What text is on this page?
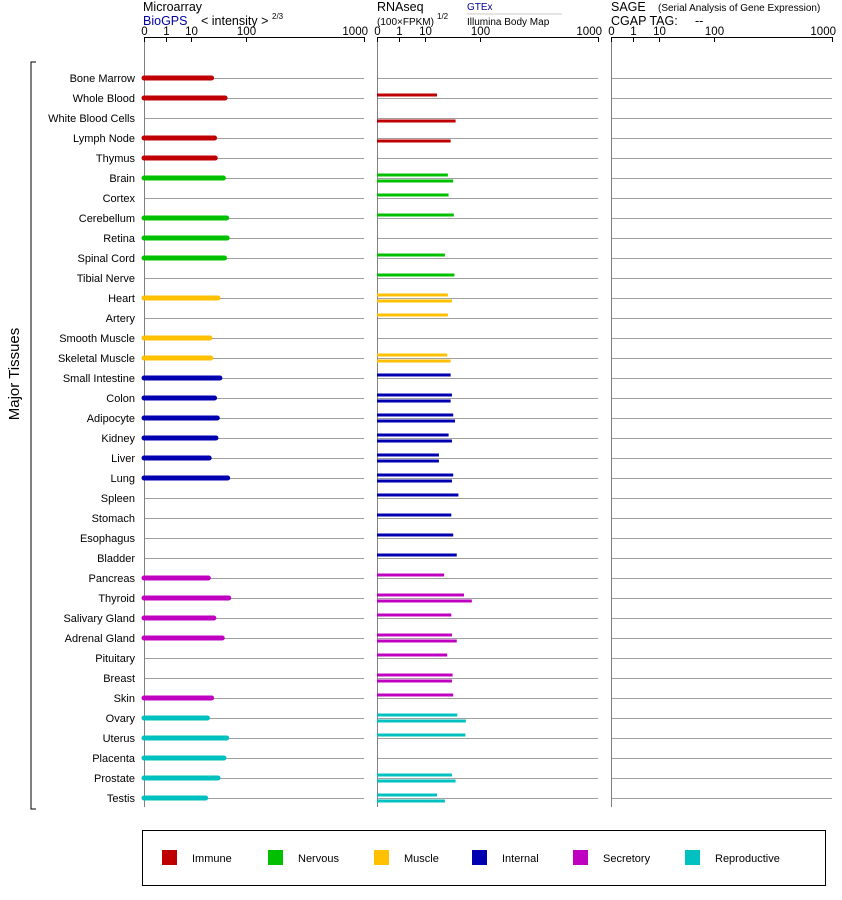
Microarray
BioGPS < intensity > 2/3
RNAseq
(100×FPKM)
1/2
GTEx
Illumina Body Map
SAGE (Serial Analysis of Gene Expression)
CGAP TAG: --
Major Tissues
0 1 10	100	1000 0 1 10	100	1000 0 1 10	100	1000
Bone Marrow
Whole Blood
White Blood Cells
Lymph Node
Thymus
Brain
Cortex
Cerebellum
Retina
Spinal Cord
Tibial Nerve
Heart
Artery
Smooth Muscle
Skeletal Muscle
Small Intestine
Colon
Adipocyte
Kidney
Liver
Lung
Spleen
Stomach
Esophagus
Bladder
Pancreas
Thyroid
Salivary Gland
Adrenal Gland
Pituitary
Breast
Skin
Ovary
Uterus
Placenta
Prostate
Testis
Immune	Nervous	Muscle	Internal	Secretory	Reproductive
